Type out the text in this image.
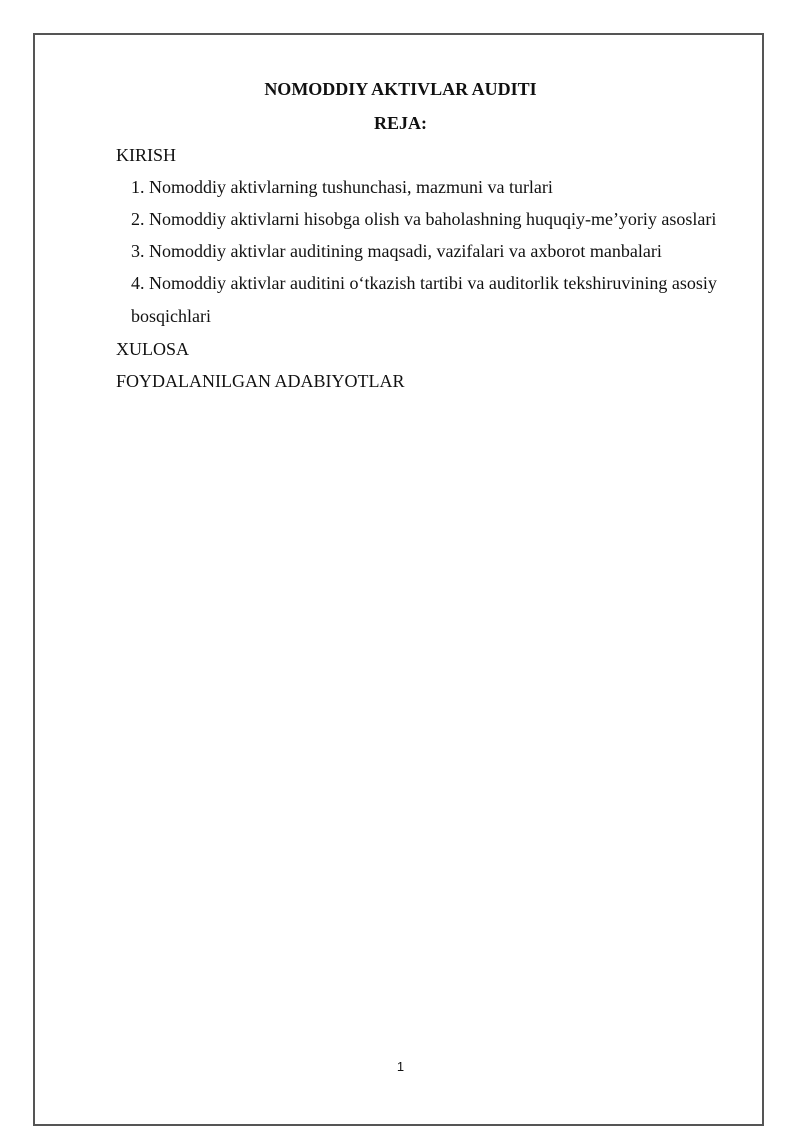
NOMODDIY AKTIVLAR AUDITI
REJA:
KIRISH
1. Nomoddiy aktivlarning tushunchasi, mazmuni va turlari
2. Nomoddiy aktivlarni hisobga olish va baholashning huquqiy-me’yoriy asoslari
3. Nomoddiy aktivlar auditining maqsadi, vazifalari va axborot manbalari
4. Nomoddiy aktivlar auditini o‘tkazish tartibi va auditorlik tekshiruvining asosiy bosqichlari
XULOSA
FOYDALANILGAN ADABIYOTLAR
1
